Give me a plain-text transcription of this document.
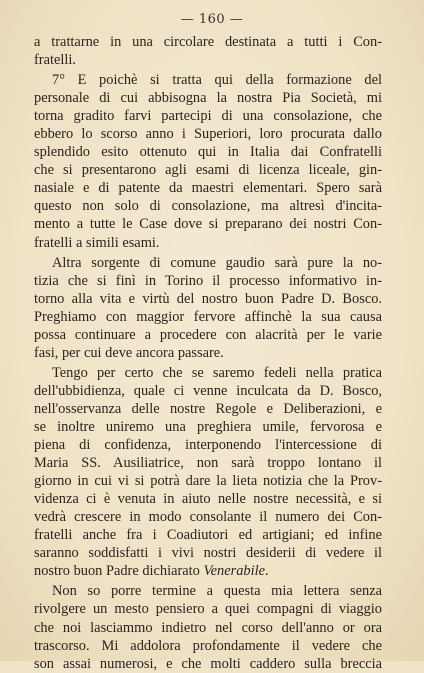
— 160 —
a trattarne in una circolare destinata a tutti i Con-
fratelli.
7° E poichè si tratta qui della formazione del
personale di cui abbisogna la nostra Pia Società, mi
torna gradito farvi partecipi di una consolazione, che
ebbero lo scorso anno i Superiori, loro procurata dallo
splendido esito ottenuto qui in Italia dai Confratelli
che si presentarono agli esami di licenza liceale, gin-
nasiale e di patente da maestri elementari. Spero sarà
questo non solo di consolazione, ma altresì d'incita-
mento a tutte le Case dove si preparano dei nostri Con-
fratelli a simili esami.
Altra sorgente di comune gaudio sarà pure la no-
tizia che si finì in Torino il processo informativo in-
torno alla vita e virtù del nostro buon Padre D. Bosco.
Preghiamo con maggior fervore affinchè la sua causa
possa continuare a procedere con alacrità per le varie
fasi, per cui deve ancora passare.
Tengo per certo che se saremo fedeli nella pratica
dell'ubbidienza, quale ci venne inculcata da D. Bosco,
nell'osservanza delle nostre Regole e Deliberazioni, e
se inoltre uniremo una preghiera umile, fervorosa e
piena di confidenza, interponendo l'intercessione di
Maria SS. Ausiliatrice, non sarà troppo lontano il
giorno in cui vi si potrà dare la lieta notizia che la Prov-
videnza ci è venuta in aiuto nelle nostre necessità, e si
vedrà crescere in modo consolante il numero dei Con-
fratelli anche fra i Coadiutori ed artigiani; ed infine
saranno soddisfatti i vivi nostri desiderii di vedere il
nostro buon Padre dichiarato Venerabile.
Non so porre termine a questa mia lettera senza
rivolgere un mesto pensiero a quei compagni di viaggio
che noi lasciammo indietro nel corso dell'anno or ora
trascorso. Mi addolora profondamente il vedere che
son assai numerosi, e che molti caddero sulla breccia
